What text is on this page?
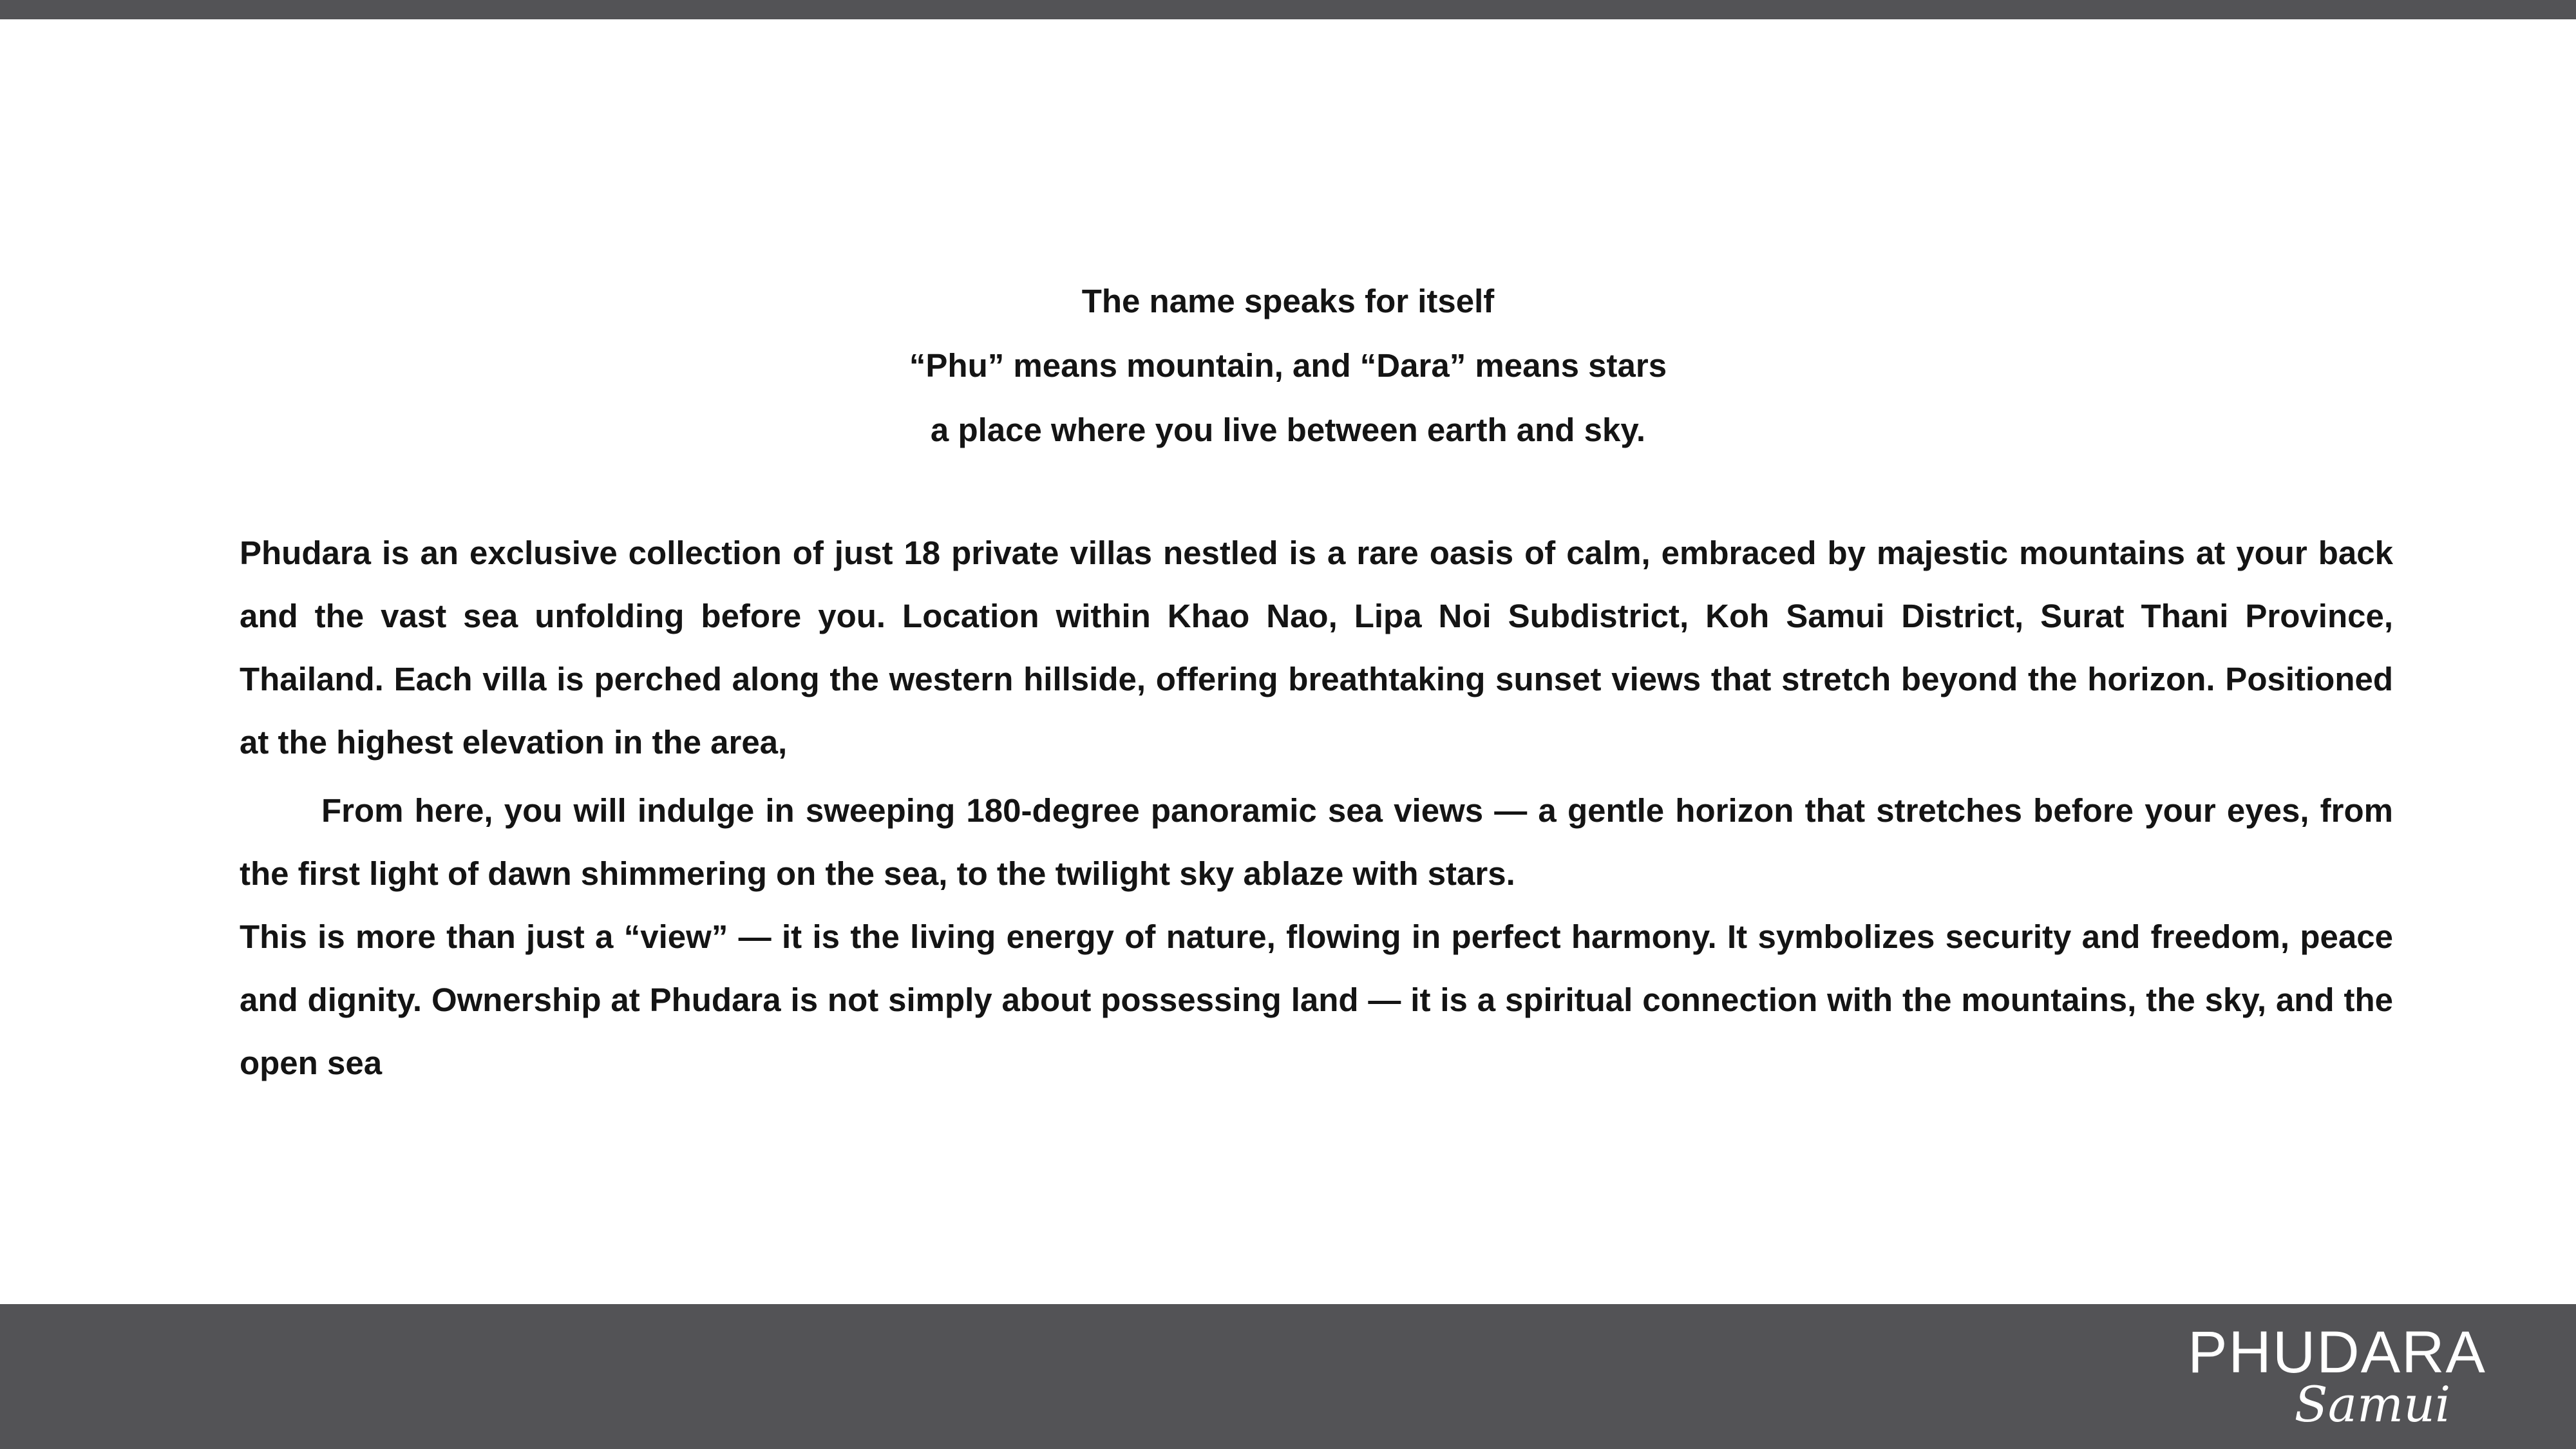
The name speaks for itself
“Phu” means mountain, and “Dara” means stars
a place where you live between earth and sky.

Phudara is an exclusive collection of just 18 private villas nestled is a rare oasis of calm, embraced by majestic mountains at your back and the vast sea unfolding before you. Location within Khao Nao, Lipa Noi Subdistrict, Koh Samui District, Surat Thani Province, Thailand. Each villa is perched along the western hillside, offering breathtaking sunset views that stretch beyond the horizon. Positioned at the highest elevation in the area,

From here, you will indulge in sweeping 180-degree panoramic sea views — a gentle horizon that stretches before your eyes, from the first light of dawn shimmering on the sea, to the twilight sky ablaze with stars.

This is more than just a “view” — it is the living energy of nature, flowing in perfect harmony. It symbolizes security and freedom, peace and dignity. Ownership at Phudara is not simply about possessing land — it is a spiritual connection with the mountains, the sky, and the open sea

PHUDARA
Samui
